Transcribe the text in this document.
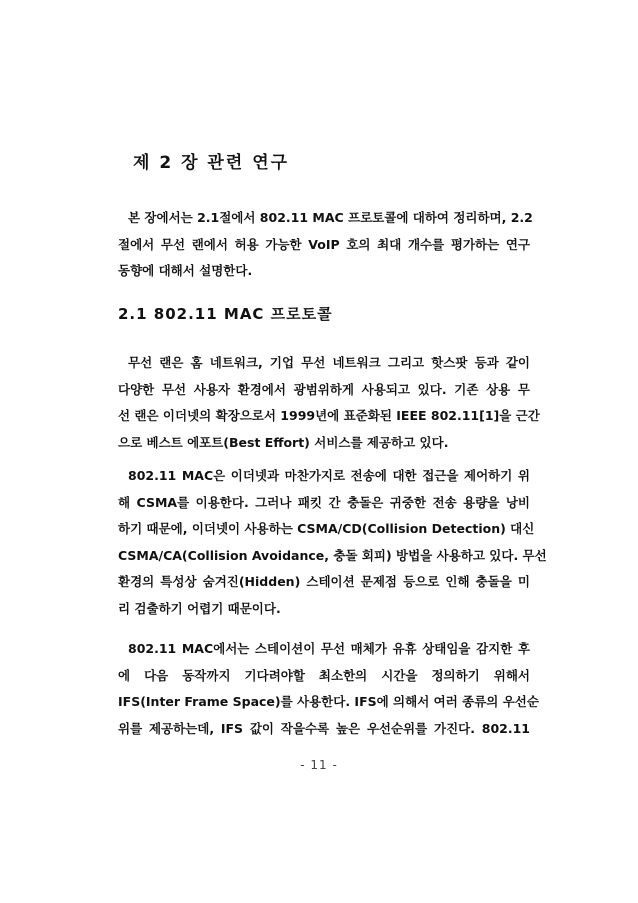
제 2 장 관련 연구
본 장에서는 2.1절에서 802.11 MAC 프로토콜에 대하여 정리하며, 2.2
절에서 무선 랜에서 허용 가능한 VoIP 호의 최대 개수를 평가하는 연구
동향에 대해서 설명한다.
2.1 802.11 MAC 프로토콜
무선 랜은 홈 네트워크, 기업 무선 네트워크 그리고 핫스팟 등과 같이
다양한 무선 사용자 환경에서 광범위하게 사용되고 있다. 기존 상용 무
선 랜은 이더넷의 확장으로서 1999년에 표준화된 IEEE 802.11[1]을 근간
으로 베스트 에포트(Best Effort) 서비스를 제공하고 있다.
802.11 MAC은 이더넷과 마찬가지로 전송에 대한 접근을 제어하기 위
해 CSMA를 이용한다. 그러나 패킷 간 충돌은 귀중한 전송 용량을 낭비
하기 때문에, 이더넷이 사용하는 CSMA/CD(Collision Detection) 대신
CSMA/CA(Collision Avoidance, 충돌 회피) 방법을 사용하고 있다. 무선
환경의 특성상 숨겨진(Hidden) 스테이션 문제점 등으로 인해 충돌을 미
리 검출하기 어렵기 때문이다.
802.11 MAC에서는 스테이션이 무선 매체가 유휴 상태임을 감지한 후
에 다음 동작까지 기다려야할 최소한의 시간을 정의하기 위해서
IFS(Inter Frame Space)를 사용한다. IFS에 의해서 여러 종류의 우선순
위를 제공하는데, IFS 값이 작을수록 높은 우선순위를 가진다. 802.11
- 11 -
